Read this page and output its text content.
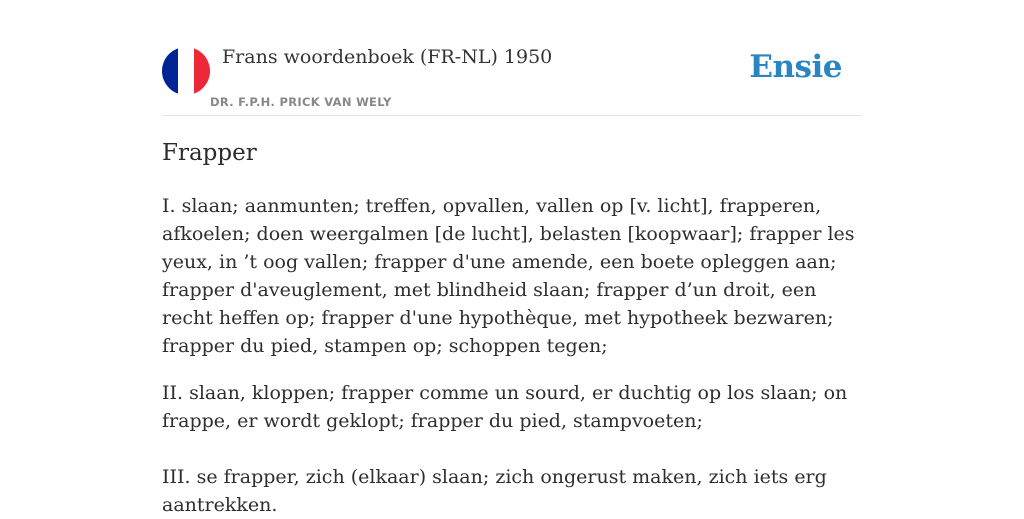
Frans woordenboek (FR-NL) 1950
DR. F.P.H. PRICK VAN WELY
Ensie
Frapper

I. slaan; aanmunten; treffen, opvallen, vallen op [v. licht], frapperen, afkoelen; doen weergalmen [de lucht], belasten [koopwaar]; frapper les yeux, in ’t oog vallen; frapper d'une amende, een boete opleggen aan; frapper d'aveuglement, met blindheid slaan; frapper d’un droit, een recht heffen op; frapper d'une hypothèque, met hypotheek bezwaren; frapper du pied, stampen op; schoppen tegen;

II. slaan, kloppen; frapper comme un sourd, er duchtig op los slaan; on frappe, er wordt geklopt; frapper du pied, stampvoeten;

III. se frapper, zich (elkaar) slaan; zich ongerust maken, zich iets erg aantrekken.
